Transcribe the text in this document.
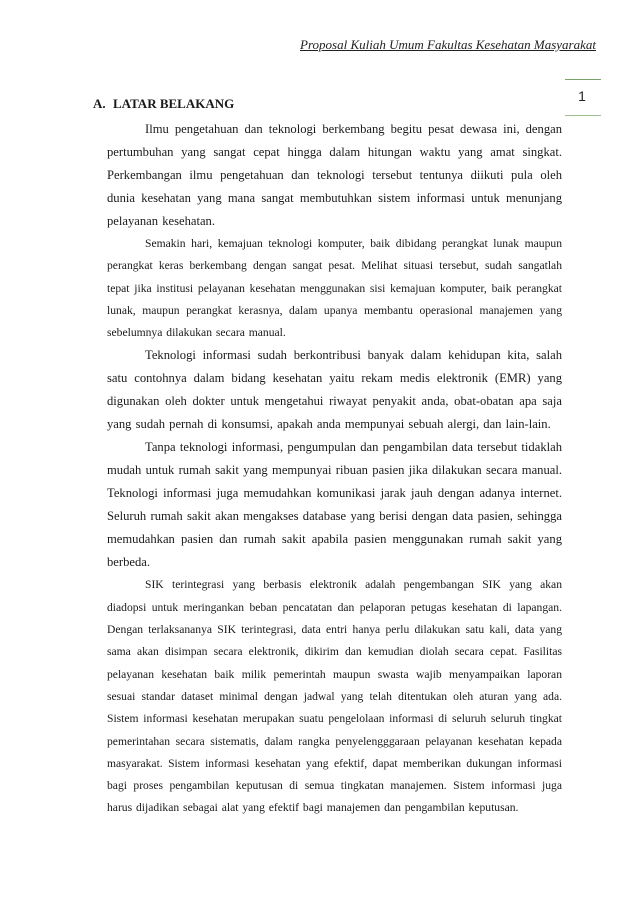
Proposal Kuliah Umum Fakultas Kesehatan Masyarakat
1
A. LATAR BELAKANG

Ilmu pengetahuan dan teknologi berkembang begitu pesat dewasa ini, dengan pertumbuhan yang sangat cepat hingga dalam hitungan waktu yang amat singkat. Perkembangan ilmu pengetahuan dan teknologi tersebut tentunya diikuti pula oleh dunia kesehatan yang mana sangat membutuhkan sistem informasi untuk menunjang pelayanan kesehatan.

Semakin hari, kemajuan teknologi komputer, baik dibidang perangkat lunak maupun perangkat keras berkembang dengan sangat pesat. Melihat situasi tersebut, sudah sangatlah tepat jika institusi pelayanan kesehatan menggunakan sisi kemajuan komputer, baik perangkat lunak, maupun perangkat kerasnya, dalam upanya membantu operasional manajemen yang sebelumnya dilakukan secara manual.

Teknologi informasi sudah berkontribusi banyak dalam kehidupan kita, salah satu contohnya dalam bidang kesehatan yaitu rekam medis elektronik (EMR) yang digunakan oleh dokter untuk mengetahui riwayat penyakit anda, obat-obatan apa saja yang sudah pernah di konsumsi, apakah anda mempunyai sebuah alergi, dan lain-lain.

Tanpa teknologi informasi, pengumpulan dan pengambilan data tersebut tidaklah mudah untuk rumah sakit yang mempunyai ribuan pasien jika dilakukan secara manual. Teknologi informasi juga memudahkan komunikasi jarak jauh dengan adanya internet. Seluruh rumah sakit akan mengakses database yang berisi dengan data pasien, sehingga memudahkan pasien dan rumah sakit apabila pasien menggunakan rumah sakit yang berbeda.

SIK terintegrasi yang berbasis elektronik adalah pengembangan SIK yang akan diadopsi untuk meringankan beban pencatatan dan pelaporan petugas kesehatan di lapangan. Dengan terlaksananya SIK terintegrasi, data entri hanya perlu dilakukan satu kali, data yang sama akan disimpan secara elektronik, dikirim dan kemudian diolah secara cepat. Fasilitas pelayanan kesehatan baik milik pemerintah maupun swasta wajib menyampaikan laporan sesuai standar dataset minimal dengan jadwal yang telah ditentukan oleh aturan yang ada. Sistem informasi kesehatan merupakan suatu pengelolaan informasi di seluruh seluruh tingkat pemerintahan secara sistematis, dalam rangka penyelengggaraan pelayanan kesehatan kepada masyarakat. Sistem informasi kesehatan yang efektif, dapat memberikan dukungan informasi bagi proses pengambilan keputusan di semua tingkatan manajemen. Sistem informasi juga harus dijadikan sebagai alat yang efektif bagi manajemen dan pengambilan keputusan.
